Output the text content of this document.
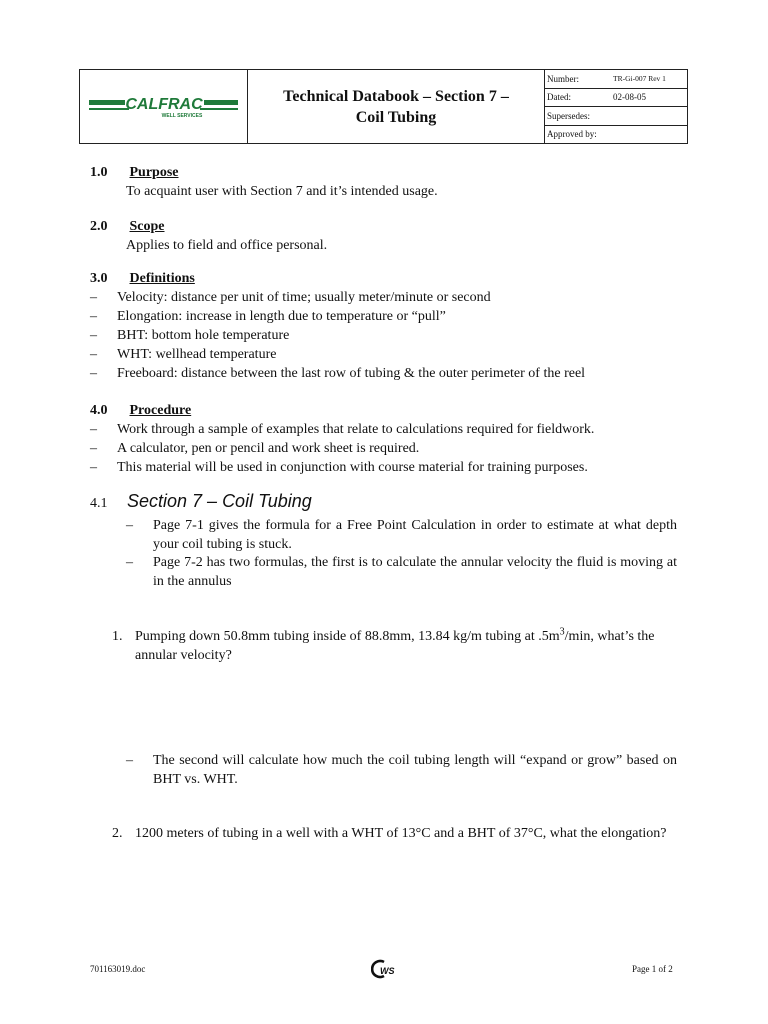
CALFRAC
WELL SERVICES
Technical Databook – Section 7 –
Coil Tubing
Number:	TR-Gi-007 Rev 1
Dated:	02-08-05
Supersedes:
Approved by:
1.0 Purpose
To acquaint user with Section 7 and it’s intended usage.
2.0 Scope
Applies to field and office personal.
3.0 Definitions
–	Velocity: distance per unit of time; usually meter/minute or second
–	Elongation: increase in length due to temperature or “pull”
–	BHT: bottom hole temperature
–	WHT: wellhead temperature
–	Freeboard: distance between the last row of tubing & the outer perimeter of the reel
4.0 Procedure
–	Work through a sample of examples that relate to calculations required for fieldwork.
–	A calculator, pen or pencil and work sheet is required.
–	This material will be used in conjunction with course material for training purposes.
4.1 Section 7 – Coil Tubing
–	Page 7-1 gives the formula for a Free Point Calculation in order to estimate at what depth your coil tubing is stuck.
–	Page 7-2 has two formulas, the first is to calculate the annular velocity the fluid is moving at in the annulus
1. Pumping down 50.8mm tubing inside of 88.8mm, 13.84 kg/m tubing at $.5m^3/\min$, what’s the annular velocity?
–	The second will calculate how much the coil tubing length will “expand or grow” based on BHT vs. WHT.
2. 1200 meters of tubing in a well with a WHT of 13°C and a BHT of 37°C, what the elongation?
701163019.doc	WS	Page 1 of 2
